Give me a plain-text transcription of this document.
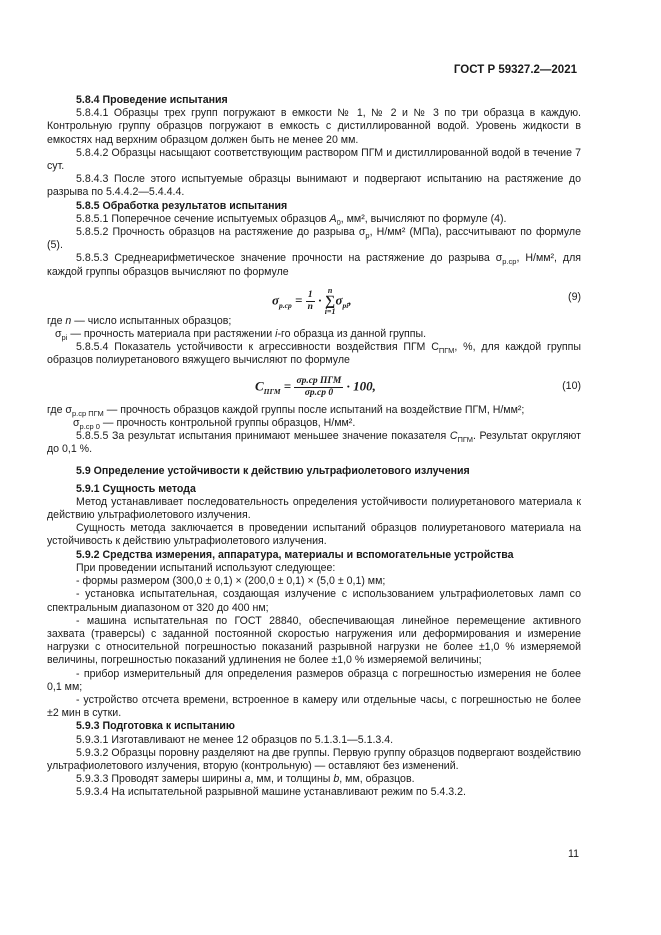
ГОСТ Р 59327.2—2021

5.8.4 Проведение испытания

5.8.4.1 Образцы трех групп погружают в емкости № 1, № 2 и № 3 по три образца в каждую. Контрольную группу образцов погружают в емкость с дистиллированной водой. Уровень жидкости в емкостях над верхним образцом должен быть не менее 20 мм.

5.8.4.2 Образцы насыщают соответствующим раствором ПГМ и дистиллированной водой в течение 7 сут.

5.8.4.3 После этого испытуемые образцы вынимают и подвергают испытанию на растяжение до разрыва по 5.4.4.2—5.4.4.4.

5.8.5 Обработка результатов испытания

5.8.5.1 Поперечное сечение испытуемых образцов $A_0$, мм², вычисляют по формуле (4).

5.8.5.2 Прочность образцов на растяжение до разрыва $\sigma_р$, Н/мм² (МПа), рассчитывают по формуле (5).

5.8.5.3 Среднеарифметическое значение прочности на растяжение до разрыва $\sigma_{р.ср}$, Н/мм², для каждой группы образцов вычисляют по формуле

$\sigma_{р.ср} = \frac{1}{n} \cdot n$
∑
$i=1\sigma_{рi}$,	(9)

где n — число испытанных образцов;

$\sigma_{рi}$ — прочность материала при растяжении i-го образца из данной группы.

5.8.5.4 Показатель устойчивости к агрессивности воздействия ПГМ $С_{ПГМ}$, %, для каждой группы образцов полиуретанового вяжущего вычисляют по формуле

$C_{ПГМ} = \frac{\text{σр.ср ПГМ}}{\sigma р.ср 0} \cdot 100$,	(10)

где $\sigma_{р.ср ПГМ}$ — прочность образцов каждой группы после испытаний на воздействие ПГМ, Н/мм²;

$\sigma_{р.ср 0}$ — прочность контрольной группы образцов, Н/мм².

5.8.5.5 За результат испытания принимают меньшее значение показателя $С_{ПГМ}$. Результат округляют до 0,1 %.

5.9 Определение устойчивости к действию ультрафиолетового излучения

5.9.1 Сущность метода

Метод устанавливает последовательность определения устойчивости полиуретанового материала к действию ультрафиолетового излучения.

Сущность метода заключается в проведении испытаний образцов полиуретанового материала на устойчивость к действию ультрафиолетового излучения.

5.9.2 Средства измерения, аппаратура, материалы и вспомогательные устройства

При проведении испытаний используют следующее:

- формы размером (300,0 ± 0,1) × (200,0 ± 0,1) × (5,0 ± 0,1) мм;

- установка испытательная, создающая излучение с использованием ультрафиолетовых ламп со спектральным диапазоном от 320 до 400 нм;

- машина испытательная по ГОСТ 28840, обеспечивающая линейное перемещение активного захвата (траверсы) с заданной постоянной скоростью нагружения или деформирования и измерение нагрузки с относительной погрешностью показаний разрывной нагрузки не более ±1,0 % измеряемой величины, погрешностью показаний удлинения не более ±1,0 % измеряемой величины;

- прибор измерительный для определения размеров образца с погрешностью измерения не более 0,1 мм;

- устройство отсчета времени, встроенное в камеру или отдельные часы, с погрешностью не более ±2 мин в сутки.

5.9.3 Подготовка к испытанию

5.9.3.1 Изготавливают не менее 12 образцов по 5.1.3.1—5.1.3.4.

5.9.3.2 Образцы поровну разделяют на две группы. Первую группу образцов подвергают воздействию ультрафиолетового излучения, вторую (контрольную) — оставляют без изменений.

5.9.3.3 Проводят замеры ширины а, мм, и толщины b, мм, образцов.

5.9.3.4 На испытательной разрывной машине устанавливают режим по 5.4.3.2.

11
